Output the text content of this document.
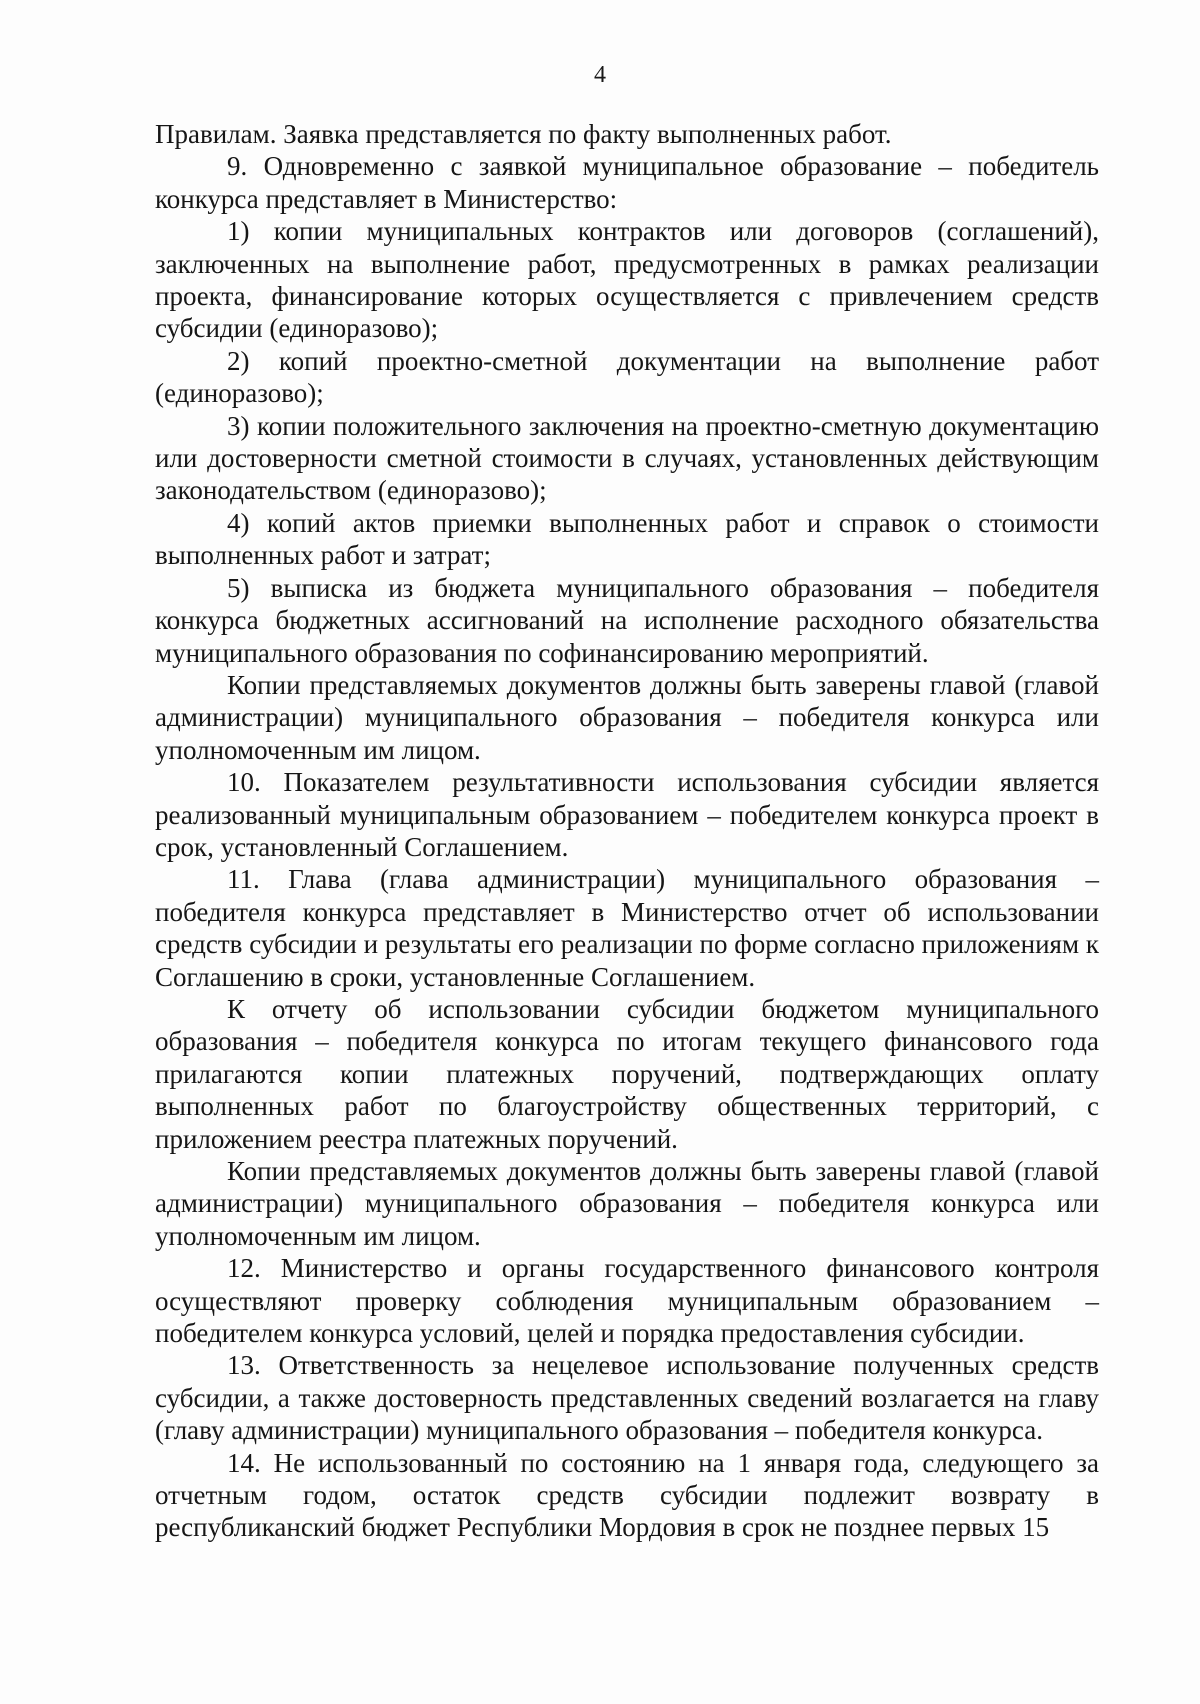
4

Правилам. Заявка представляется по факту выполненных работ.

9. Одновременно с заявкой муниципальное образование – победитель конкурса представляет в Министерство:

1) копии муниципальных контрактов или договоров (соглашений), заключенных на выполнение работ, предусмотренных в рамках реализации проекта, финансирование которых осуществляется с привлечением средств субсидии (единоразово);

2) копий проектно-сметной документации на выполнение работ (единоразово);

3) копии положительного заключения на проектно-сметную документацию или достоверности сметной стоимости в случаях, установленных действующим законодательством (единоразово);

4) копий актов приемки выполненных работ и справок о стоимости выполненных работ и затрат;

5) выписка из бюджета муниципального образования – победителя конкурса бюджетных ассигнований на исполнение расходного обязательства муниципального образования по софинансированию мероприятий.

Копии представляемых документов должны быть заверены главой (главой администрации) муниципального образования – победителя конкурса или уполномоченным им лицом.

10. Показателем результативности использования субсидии является реализованный муниципальным образованием – победителем конкурса проект в срок, установленный Соглашением.

11. Глава (глава администрации) муниципального образования – победителя конкурса представляет в Министерство отчет об использовании средств субсидии и результаты его реализации по форме согласно приложениям к Соглашению в сроки, установленные Соглашением.

К отчету об использовании субсидии бюджетом муниципального образования – победителя конкурса по итогам текущего финансового года прилагаются копии платежных поручений, подтверждающих оплату выполненных работ по благоустройству общественных территорий, с приложением реестра платежных поручений.

Копии представляемых документов должны быть заверены главой (главой администрации) муниципального образования – победителя конкурса или уполномоченным им лицом.

12. Министерство и органы государственного финансового контроля осуществляют проверку соблюдения муниципальным образованием – победителем конкурса условий, целей и порядка предоставления субсидии.

13. Ответственность за нецелевое использование полученных средств субсидии, а также достоверность представленных сведений возлагается на главу (главу администрации) муниципального образования – победителя конкурса.

14. Не использованный по состоянию на 1 января года, следующего за отчетным годом, остаток средств субсидии подлежит возврату в республиканский бюджет Республики Мордовия в срок не позднее первых 15
